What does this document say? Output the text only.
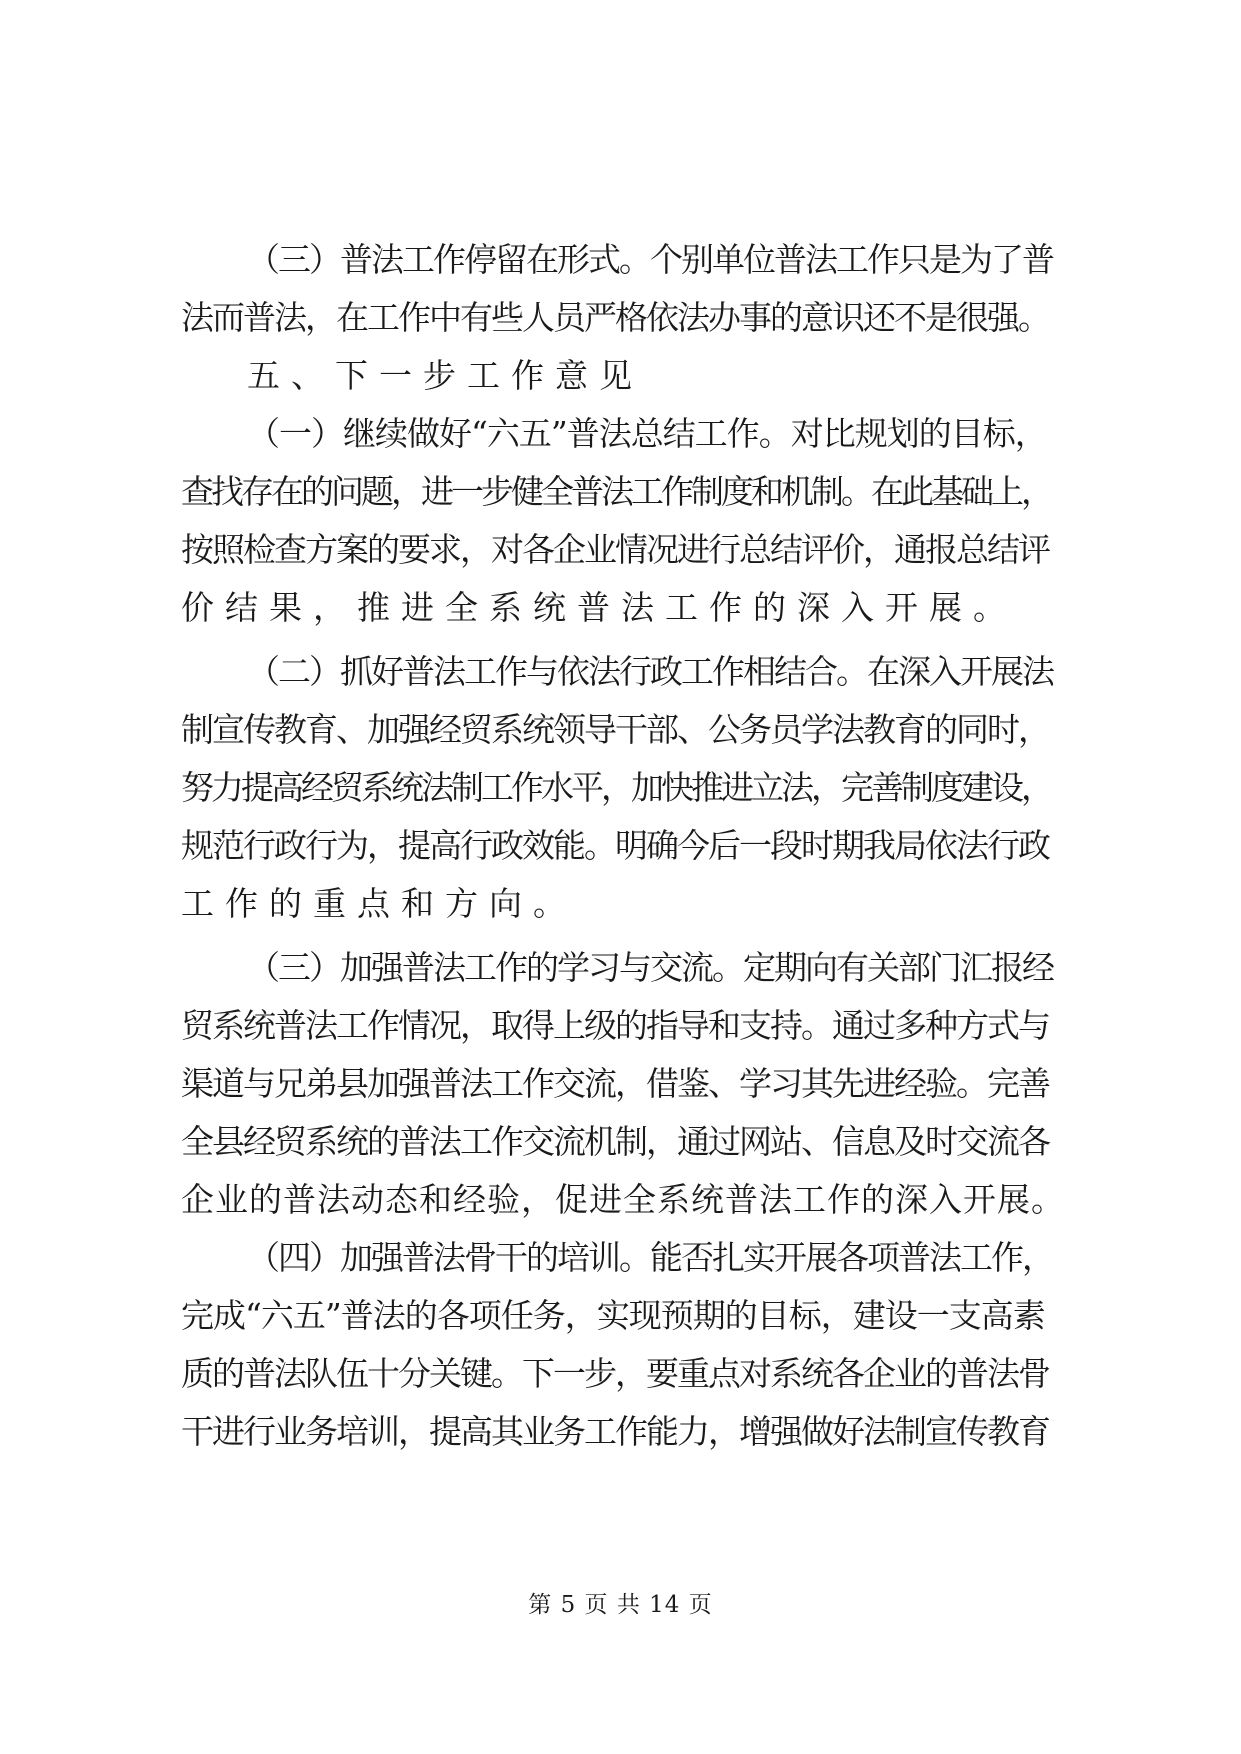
（三）普法工作停留在形式。个别单位普法工作只是为了普
法而普法，在工作中有些人员严格依法办事的意识还不是很强。
五、下一步工作意见
（一）继续做好“六五”普法总结工作。对比规划的目标，
查找存在的问题，进一步健全普法工作制度和机制。在此基础上，
按照检查方案的要求，对各企业情况进行总结评价，通报总结评
价结果，推进全系统普法工作的深入开展。
（二）抓好普法工作与依法行政工作相结合。在深入开展法
制宣传教育、加强经贸系统领导干部、公务员学法教育的同时，
努力提高经贸系统法制工作水平，加快推进立法，完善制度建设，
规范行政行为，提高行政效能。明确今后一段时期我局依法行政
工作的重点和方向。
（三）加强普法工作的学习与交流。定期向有关部门汇报经
贸系统普法工作情况，取得上级的指导和支持。通过多种方式与
渠道与兄弟县加强普法工作交流，借鉴、学习其先进经验。完善
全县经贸系统的普法工作交流机制，通过网站、信息及时交流各
企业的普法动态和经验，促进全系统普法工作的深入开展。
（四）加强普法骨干的培训。能否扎实开展各项普法工作，
完成“六五”普法的各项任务，实现预期的目标，建设一支高素
质的普法队伍十分关键。下一步，要重点对系统各企业的普法骨
干进行业务培训，提高其业务工作能力，增强做好法制宣传教育
第 5 页 共 14 页
